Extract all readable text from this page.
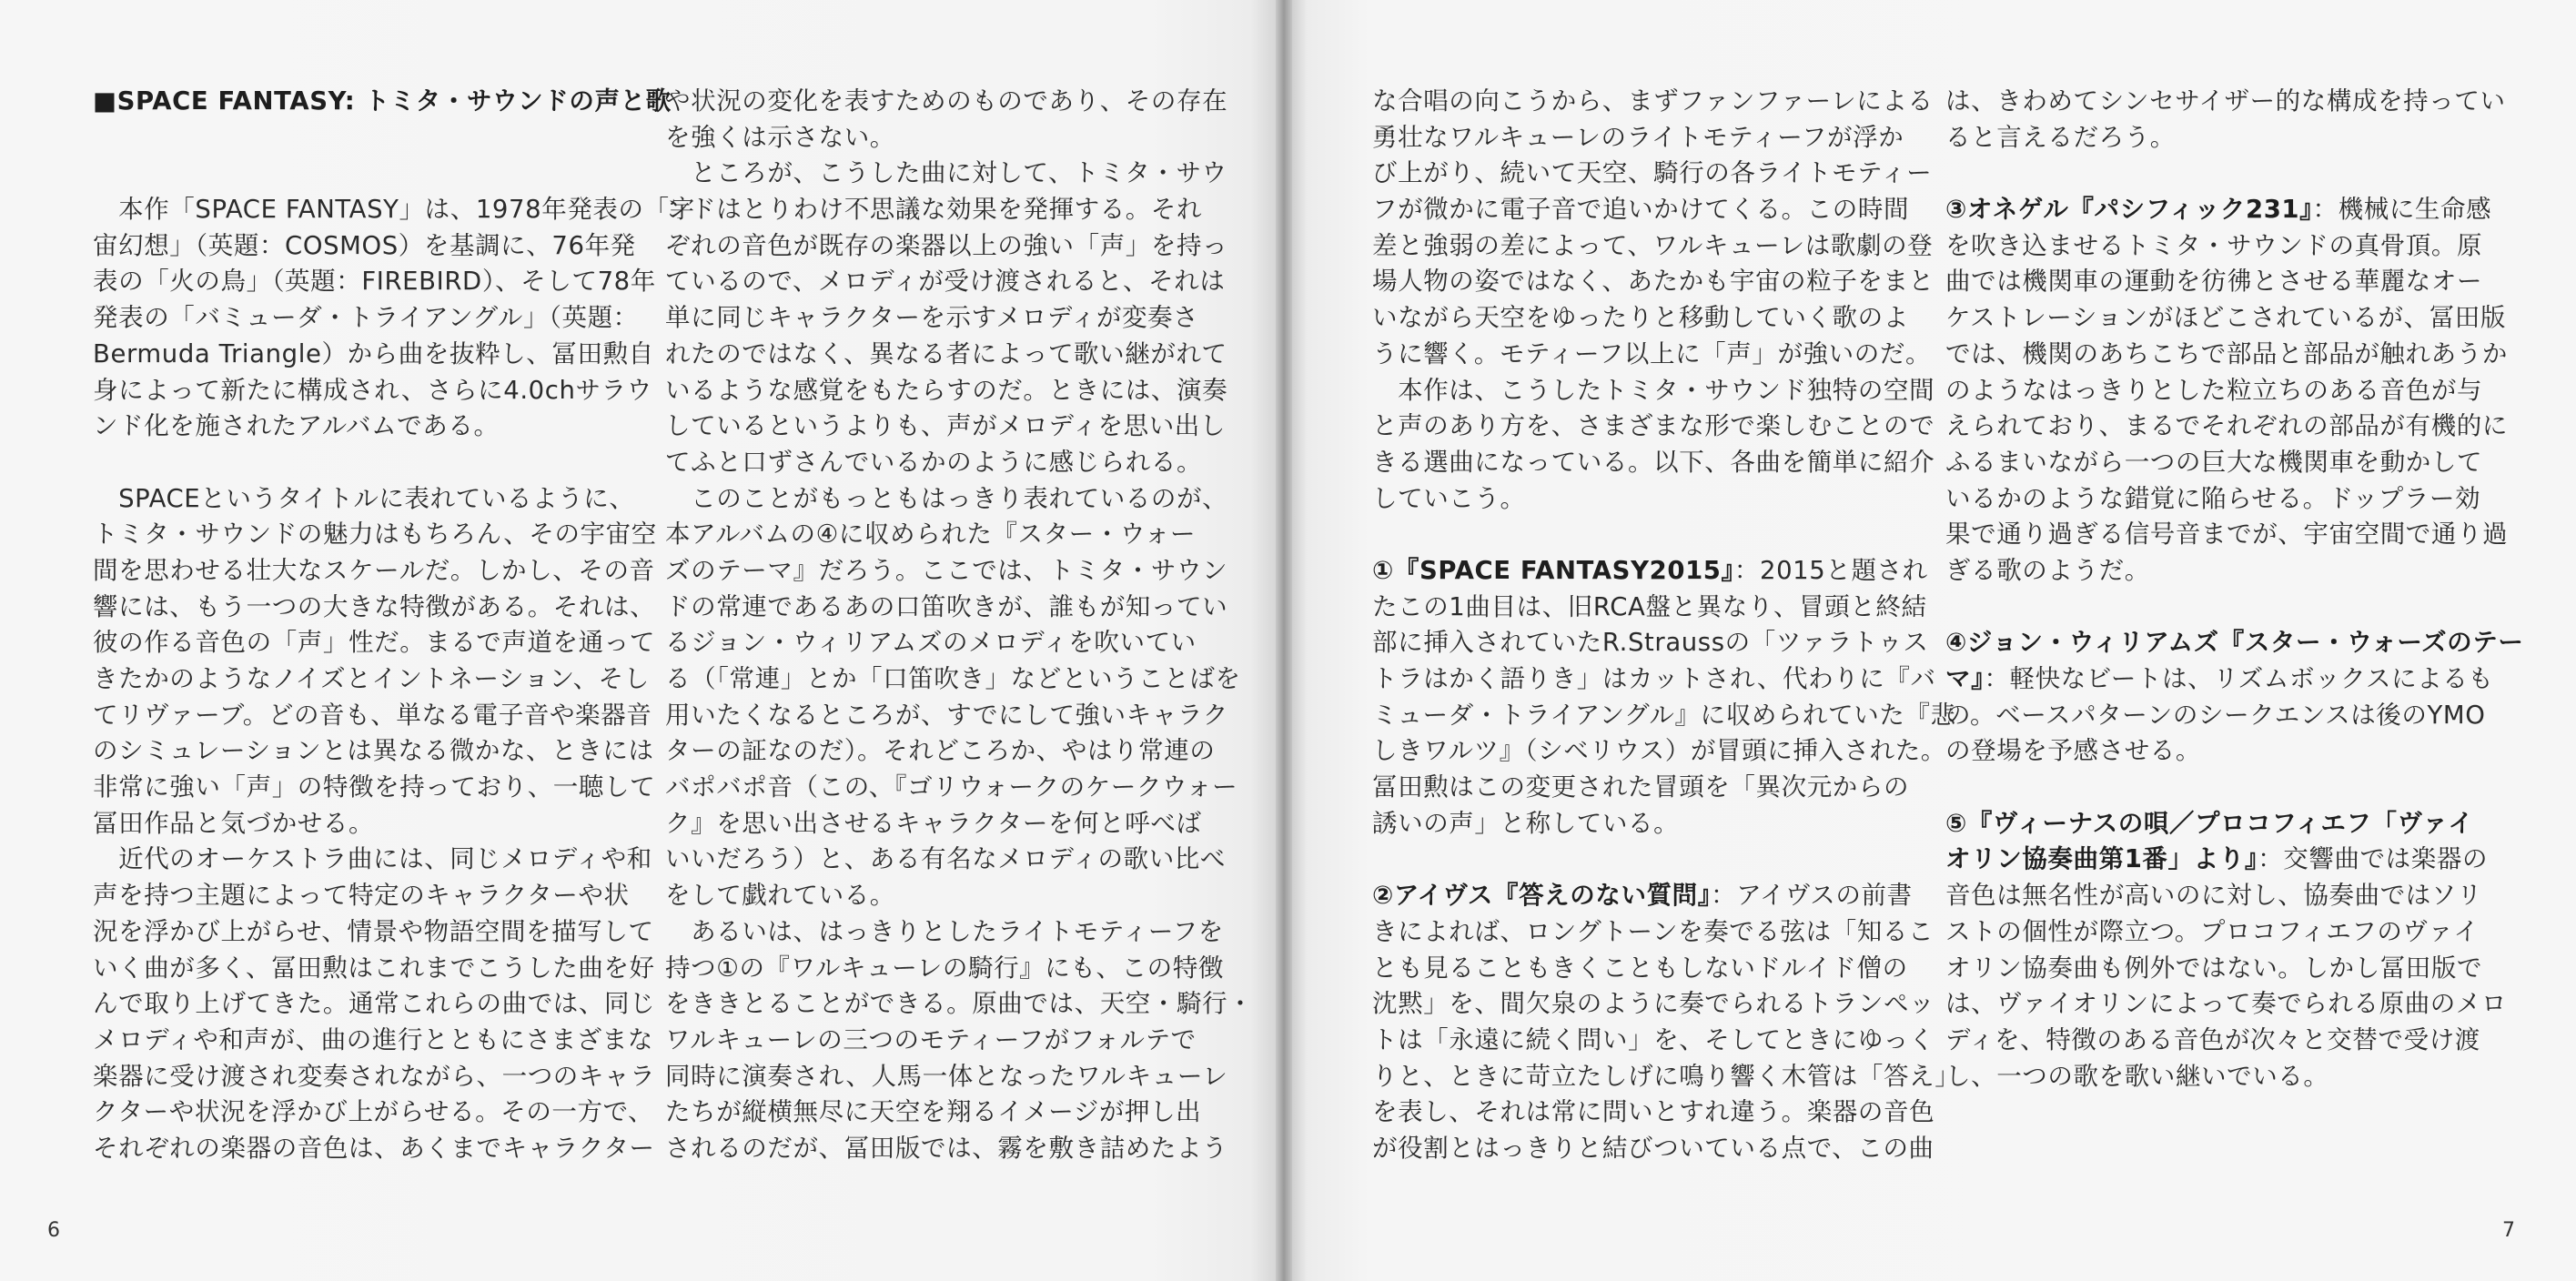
■SPACE FANTASY: トミタ・サウンドの声と歌
　本作「SPACE FANTASY」は、1978年発表の「宇
宙幻想」（英題：COSMOS）を基調に、76年発
表の「火の鳥」（英題：FIREBIRD）、そして78年
発表の「バミューダ・トライアングル」（英題：
Bermuda Triangle）から曲を抜粋し、冨田勲自
身によって新たに構成され、さらに4.0chサラウ
ンド化を施されたアルバムである。
　SPACEというタイトルに表れているように、
トミタ・サウンドの魅力はもちろん、その宇宙空
間を思わせる壮大なスケールだ。しかし、その音
響には、もう一つの大きな特徴がある。それは、
彼の作る音色の「声」性だ。まるで声道を通って
きたかのようなノイズとイントネーション、そし
てリヴァーブ。どの音も、単なる電子音や楽器音
のシミュレーションとは異なる微かな、ときには
非常に強い「声」の特徴を持っており、一聴して
冨田作品と気づかせる。
　近代のオーケストラ曲には、同じメロディや和
声を持つ主題によって特定のキャラクターや状
況を浮かび上がらせ、情景や物語空間を描写して
いく曲が多く、冨田勲はこれまでこうした曲を好
んで取り上げてきた。通常これらの曲では、同じ
メロディや和声が、曲の進行とともにさまざまな
楽器に受け渡され変奏されながら、一つのキャラ
クターや状況を浮かび上がらせる。その一方で、
それぞれの楽器の音色は、あくまでキャラクター
や状況の変化を表すためのものであり、その存在
を強くは示さない。
　ところが、こうした曲に対して、トミタ・サウ
ンドはとりわけ不思議な効果を発揮する。それ
ぞれの音色が既存の楽器以上の強い「声」を持っ
ているので、メロディが受け渡されると、それは
単に同じキャラクターを示すメロディが変奏さ
れたのではなく、異なる者によって歌い継がれて
いるような感覚をもたらすのだ。ときには、演奏
しているというよりも、声がメロディを思い出し
てふと口ずさんでいるかのように感じられる。
　このことがもっともはっきり表れているのが、
本アルバムの④に収められた『スター・ウォー
ズのテーマ』だろう。ここでは、トミタ・サウン
ドの常連であるあの口笛吹きが、誰もが知ってい
るジョン・ウィリアムズのメロディを吹いてい
る（「常連」とか「口笛吹き」などということばを
用いたくなるところが、すでにして強いキャラク
ターの証なのだ）。それどころか、やはり常連の
バポバポ音（この、『ゴリウォークのケークウォー
ク』を思い出させるキャラクターを何と呼べば
いいだろう）と、ある有名なメロディの歌い比べ
をして戯れている。
　あるいは、はっきりとしたライトモティーフを
持つ①の『ワルキューレの騎行』にも、この特徴
をききとることができる。原曲では、天空・騎行・
ワルキューレの三つのモティーフがフォルテで
同時に演奏され、人馬一体となったワルキューレ
たちが縦横無尽に天空を翔るイメージが押し出
されるのだが、冨田版では、霧を敷き詰めたよう
6
な合唱の向こうから、まずファンファーレによる
勇壮なワルキューレのライトモティーフが浮か
び上がり、続いて天空、騎行の各ライトモティー
フが微かに電子音で追いかけてくる。この時間
差と強弱の差によって、ワルキューレは歌劇の登
場人物の姿ではなく、あたかも宇宙の粒子をまと
いながら天空をゆったりと移動していく歌のよ
うに響く。モティーフ以上に「声」が強いのだ。
　本作は、こうしたトミタ・サウンド独特の空間
と声のあり方を、さまざまな形で楽しむことので
きる選曲になっている。以下、各曲を簡単に紹介
していこう。
①『SPACE FANTASY2015』：2015と題され
たこの1曲目は、旧RCA盤と異なり、冒頭と終結
部に挿入されていたR.Straussの「ツァラトゥス
トラはかく語りき」はカットされ、代わりに『バ
ミューダ・トライアングル』に収められていた『悲
しきワルツ』（シベリウス）が冒頭に挿入された。
冨田勲はこの変更された冒頭を「異次元からの
誘いの声」と称している。
②アイヴス『答えのない質問』：アイヴスの前書
きによれば、ロングトーンを奏でる弦は「知るこ
とも見ることもきくこともしないドルイド僧の
沈黙」を、間欠泉のように奏でられるトランペッ
トは「永遠に続く問い」を、そしてときにゆっく
りと、ときに苛立たしげに鳴り響く木管は「答え」
を表し、それは常に問いとすれ違う。楽器の音色
が役割とはっきりと結びついている点で、この曲
は、きわめてシンセサイザー的な構成を持ってい
ると言えるだろう。
③オネゲル『パシフィック231』：機械に生命感
を吹き込ませるトミタ・サウンドの真骨頂。原
曲では機関車の運動を彷彿とさせる華麗なオー
ケストレーションがほどこされているが、冨田版
では、機関のあちこちで部品と部品が触れあうか
のようなはっきりとした粒立ちのある音色が与
えられており、まるでそれぞれの部品が有機的に
ふるまいながら一つの巨大な機関車を動かして
いるかのような錯覚に陥らせる。ドップラー効
果で通り過ぎる信号音までが、宇宙空間で通り過
ぎる歌のようだ。
④ジョン・ウィリアムズ『スター・ウォーズのテー
マ』：軽快なビートは、リズムボックスによるも
の。ベースパターンのシークエンスは後のYMO
の登場を予感させる。
⑤『ヴィーナスの唄／プロコフィエフ「ヴァイ
オリン協奏曲第1番」より』：交響曲では楽器の
音色は無名性が高いのに対し、協奏曲ではソリ
ストの個性が際立つ。プロコフィエフのヴァイ
オリン協奏曲も例外ではない。しかし冨田版で
は、ヴァイオリンによって奏でられる原曲のメロ
ディを、特徴のある音色が次々と交替で受け渡
し、一つの歌を歌い継いでいる。
7
